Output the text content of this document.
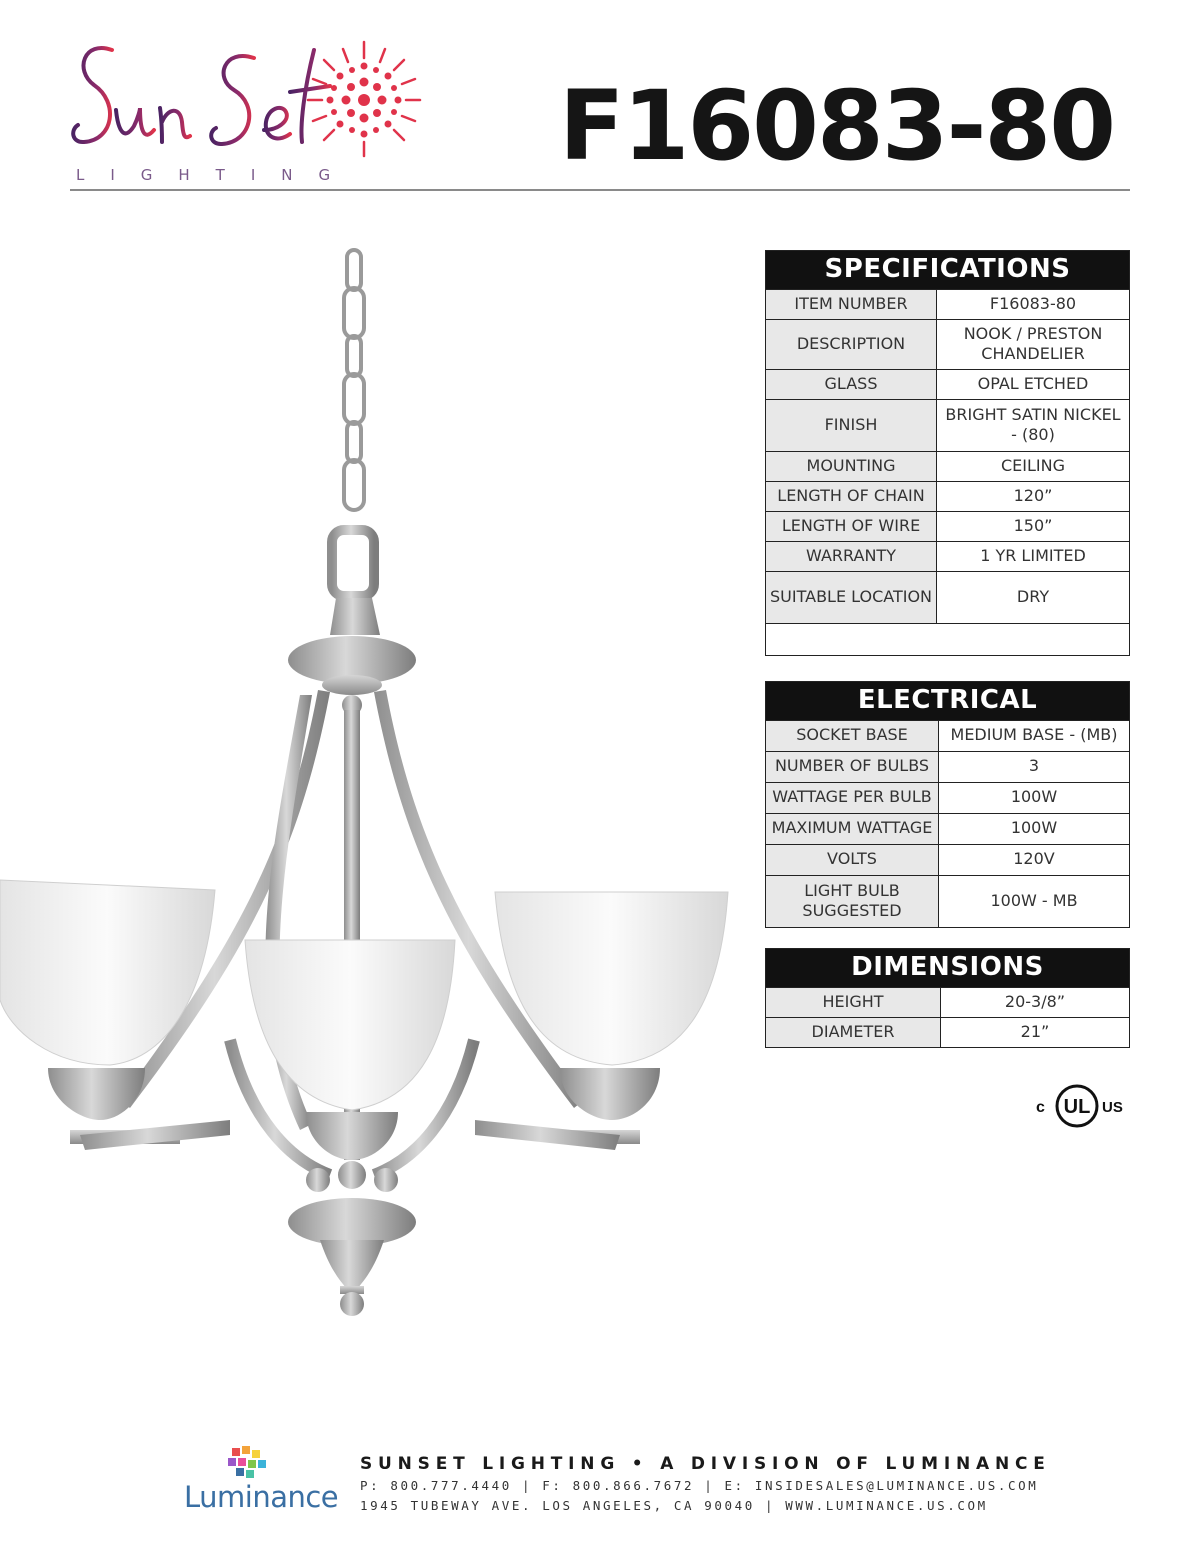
LIGHTING F16083-80
SPECIFICATIONS	
ITEM NUMBER	F16083-80
DESCRIPTION	NOOK / PRESTON CHANDELIER
GLASS	OPAL ETCHED
FINISH	BRIGHT SATIN NICKEL - (80)
MOUNTING	CEILING
LENGTH OF CHAIN	120”
LENGTH OF WIRE	150”
WARRANTY	1 YR LIMITED
SUITABLE LOCATION	DRY

ELECTRICAL	
SOCKET BASE	MEDIUM BASE - (MB)
NUMBER OF BULBS	3
WATTAGE PER BULB	100W
MAXIMUM WATTAGE	100W
VOLTS	120V
LIGHT BULB SUGGESTED	100W - MB
DIMENSIONS	
HEIGHT	20-3/8”
DIAMETER	21”
c UL US
Luminance
SUNSET LIGHTING • A DIVISION OF LUMINANCE
P: 800.777.4440 | F: 800.866.7672 | E: INSIDESALES@LUMINANCE.US.COM
1945 TUBEWAY AVE. LOS ANGELES, CA 90040 | WWW.LUMINANCE.US.COM
